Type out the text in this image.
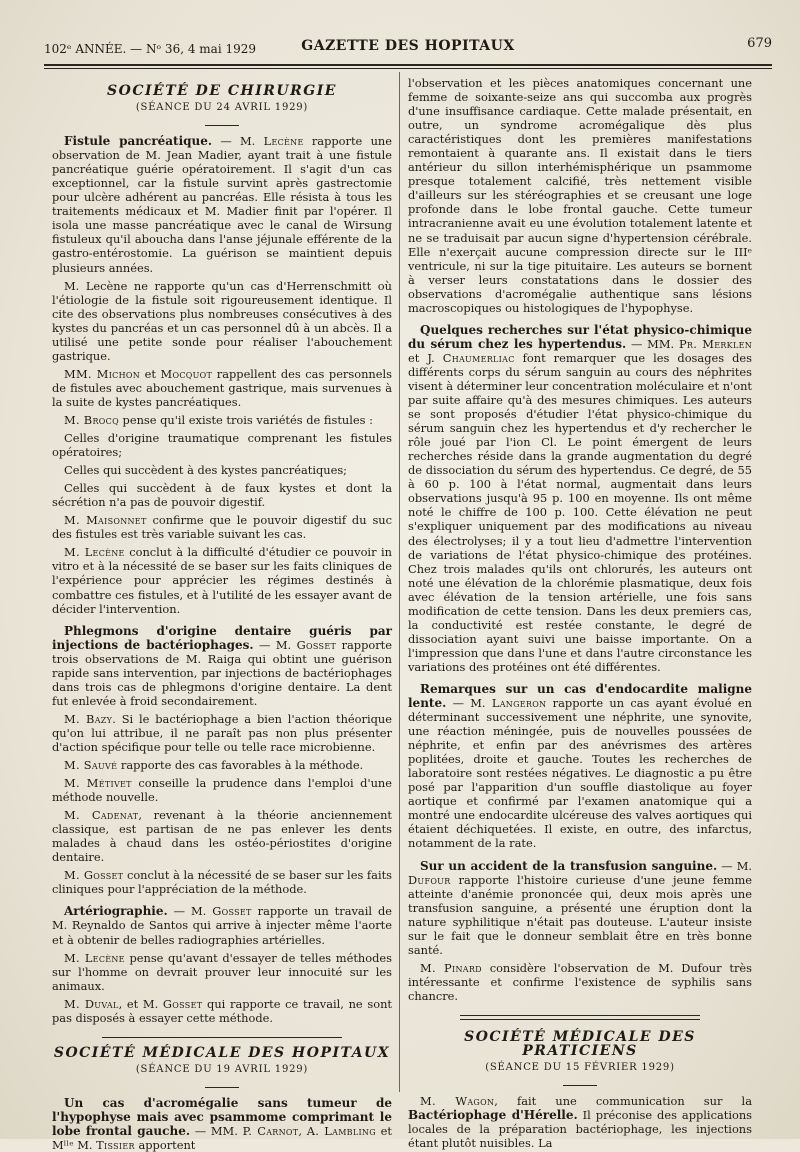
102ᵉ ANNÉE. — Nᵒ 36, 4 mai 1929	GAZETTE DES HOPITAUX	679
SOCIÉTÉ DE CHIRURGIE
(SÉANCE DU 24 AVRIL 1929)

Fistule pancréatique. — M. Lecène rapporte une observation de M. Jean Madier, ayant trait à une fistule pancréatique guérie opératoirement. Il s'agit d'un cas exceptionnel, car la fistule survint après gastrectomie pour ulcère adhérent au pancréas. Elle résista à tous les traitements médicaux et M. Madier finit par l'opérer. Il isola une masse pancréatique avec le canal de Wirsung fistuleux qu'il aboucha dans l'anse jéjunale efférente de la gastro-entérostomie. La guérison se maintient depuis plusieurs années.

M. Lecène ne rapporte qu'un cas d'Herrenschmitt où l'étiologie de la fistule soit rigoureusement identique. Il cite des observations plus nombreuses consécutives à des kystes du pancréas et un cas personnel dû à un abcès. Il a utilisé une petite sonde pour réaliser l'abouchement gastrique.

MM. Michon et Mocquot rappellent des cas personnels de fistules avec abouchement gastrique, mais survenues à la suite de kystes pancréatiques.

M. Brocq pense qu'il existe trois variétés de fistules :

Celles d'origine traumatique comprenant les fistules opératoires;

Celles qui succèdent à des kystes pancréatiques;

Celles qui succèdent à de faux kystes et dont la sécrétion n'a pas de pouvoir digestif.

M. Maisonnet confirme que le pouvoir digestif du suc des fistules est très variable suivant les cas.

M. Lecène conclut à la difficulté d'étudier ce pouvoir in vitro et à la nécessité de se baser sur les faits cliniques de l'expérience pour apprécier les régimes destinés à combattre ces fistules, et à l'utilité de les essayer avant de décider l'intervention.

Phlegmons d'origine dentaire guéris par injections de bactériophages. — M. Gosset rapporte trois observations de M. Raiga qui obtint une guérison rapide sans intervention, par injections de bactériophages dans trois cas de phlegmons d'origine dentaire. La dent fut enlevée à froid secondairement.

M. Bazy. Si le bactériophage a bien l'action théorique qu'on lui attribue, il ne paraît pas non plus présenter d'action spécifique pour telle ou telle race microbienne.

M. Sauvé rapporte des cas favorables à la méthode.

M. Métivet conseille la prudence dans l'emploi d'une méthode nouvelle.

M. Cadenat, revenant à la théorie anciennement classique, est partisan de ne pas enlever les dents malades à chaud dans les ostéo-périostites d'origine dentaire.

M. Gosset conclut à la nécessité de se baser sur les faits cliniques pour l'appréciation de la méthode.

Artériographie. — M. Gosset rapporte un travail de M. Reynaldo de Santos qui arrive à injecter même l'aorte et à obtenir de belles radiographies artérielles.

M. Lecène pense qu'avant d'essayer de telles méthodes sur l'homme on devrait prouver leur innocuité sur les animaux.

M. Duval, et M. Gosset qui rapporte ce travail, ne sont pas disposés à essayer cette méthode.

SOCIÉTÉ MÉDICALE DES HOPITAUX
(SÉANCE DU 19 AVRIL 1929)

Un cas d'acromégalie sans tumeur de l'hypophyse mais avec psammome comprimant le lobe frontal gauche. — MM. P. Carnot, A. Lambling et Mˡˡᵉ M. Tissier apportent

l'observation et les pièces anatomiques concernant une femme de soixante-seize ans qui succomba aux progrès d'une insuffisance cardiaque. Cette malade présentait, en outre, un syndrome acromégalique dès plus caractéristiques dont les premières manifestations remontaient à quarante ans. Il existait dans le tiers antérieur du sillon interhémisphérique un psammome presque totalement calcifié, très nettement visible d'ailleurs sur les stéréographies et se creusant une loge profonde dans le lobe frontal gauche. Cette tumeur intracranienne avait eu une évolution totalement latente et ne se traduisait par aucun signe d'hypertension cérébrale. Elle n'exerçait aucune compression directe sur le IIIᵉ ventricule, ni sur la tige pituitaire. Les auteurs se bornent à verser leurs constatations dans le dossier des observations d'acromégalie authentique sans lésions macroscopiques ou histologiques de l'hypophyse.

Quelques recherches sur l'état physico-chimique du sérum chez les hypertendus. — MM. Pr. Merklen et J. Chaumerliac font remarquer que les dosages des différents corps du sérum sanguin au cours des néphrites visent à déterminer leur concentration moléculaire et n'ont par suite affaire qu'à des mesures chimiques. Les auteurs se sont proposés d'étudier l'état physico-chimique du sérum sanguin chez les hypertendus et d'y rechercher le rôle joué par l'ion Cl. Le point émergent de leurs recherches réside dans la grande augmentation du degré de dissociation du sérum des hypertendus. Ce degré, de 55 à 60 p. 100 à l'état normal, augmentait dans leurs observations jusqu'à 95 p. 100 en moyenne. Ils ont même noté le chiffre de 100 p. 100. Cette élévation ne peut s'expliquer uniquement par des modifications au niveau des électrolyses; il y a tout lieu d'admettre l'intervention de variations de l'état physico-chimique des protéines. Chez trois malades qu'ils ont chlorurés, les auteurs ont noté une élévation de la chlorémie plasmatique, deux fois avec élévation de la tension artérielle, une fois sans modification de cette tension. Dans les deux premiers cas, la conductivité est restée constante, le degré de dissociation ayant suivi une baisse importante. On a l'impression que dans l'une et dans l'autre circonstance les variations des protéines ont été différentes.

Remarques sur un cas d'endocardite maligne lente. — M. Langeron rapporte un cas ayant évolué en déterminant successivement une néphrite, une synovite, une réaction méningée, puis de nouvelles poussées de néphrite, et enfin par des anévrismes des artères poplitées, droite et gauche. Toutes les recherches de laboratoire sont restées négatives. Le diagnostic a pu être posé par l'apparition d'un souffle diastolique au foyer aortique et confirmé par l'examen anatomique qui a montré une endocardite ulcéreuse des valves aortiques qui étaient déchiquetées. Il existe, en outre, des infarctus, notamment de la rate.

Sur un accident de la transfusion sanguine. — M. Dufour rapporte l'histoire curieuse d'une jeune femme atteinte d'anémie prononcée qui, deux mois après une transfusion sanguine, a présenté une éruption dont la nature syphilitique n'était pas douteuse. L'auteur insiste sur le fait que le donneur semblait être en très bonne santé.

M. Pinard considère l'observation de M. Dufour très intéressante et confirme l'existence de syphilis sans chancre.

SOCIÉTÉ MÉDICALE DES PRATICIENS
(SÉANCE DU 15 FÉVRIER 1929)

M. Wagon, fait une communication sur la Bactériophage d'Hérelle. Il préconise des applications locales de la préparation bactériophage, les injections étant plutôt nuisibles. La
